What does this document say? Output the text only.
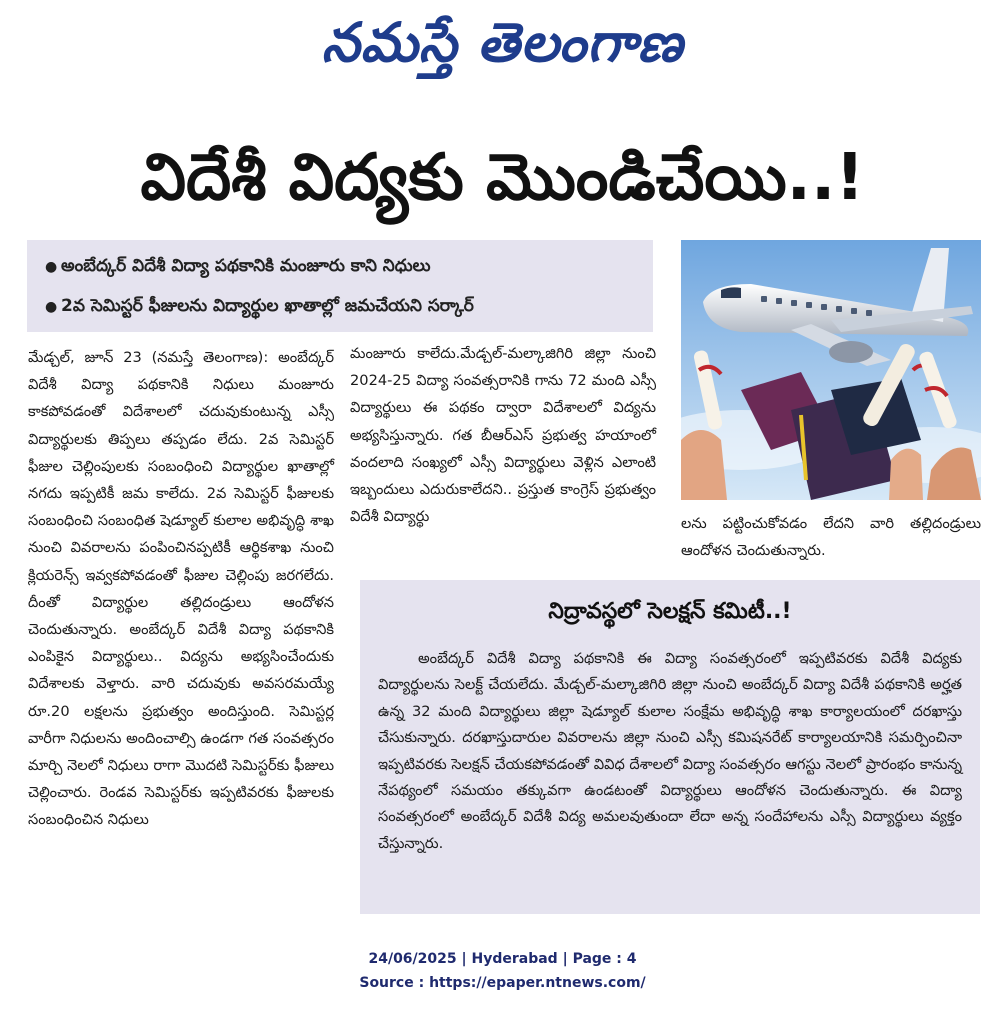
నమస్తే తెలంగాణ
విదేశీ విద్యకు మొండిచేయి..!
● అంబేద్కర్ విదేశీ విద్యా పథకానికి మంజూరు కాని నిధులు
● 2వ సెమిస్టర్ ఫీజులను విద్యార్థుల ఖాతాల్లో జమచేయని సర్కార్

మేడ్చల్, జూన్ 23 (నమస్తే తెలంగాణ): అంబేద్కర్ విదేశీ విద్యా పథకానికి నిధులు మంజూరు కాకపోవడంతో విదేశాలలో చదువుకుంటున్న ఎస్సీ విద్యార్థులకు తిప్పలు తప్పడం లేదు. 2వ సెమిస్టర్ ఫీజుల చెల్లింపులకు సంబంధించి విద్యార్థుల ఖాతాల్లో నగదు ఇప్పటికీ జమ కాలేదు. 2వ సెమిస్టర్ ఫీజులకు సంబంధించి సంబంధిత షెడ్యూల్ కులాల అభివృద్ధి శాఖ నుంచి వివరాలను పంపించినప్పటికీ ఆర్థికశాఖ నుంచి క్లియరెన్స్ ఇవ్వకపోవడంతో ఫీజుల చెల్లింపు జరగలేదు. దీంతో విద్యార్థుల తల్లిదండ్రులు ఆందోళన చెందుతున్నారు. అంబేద్కర్ విదేశీ విద్యా పథకానికి ఎంపికైన విద్యార్థులు.. విద్యను అభ్యసించేందుకు విదేశాలకు వెళ్తారు. వారి చదువుకు అవసరమయ్యే రూ.20 లక్షలను ప్రభుత్వం అందిస్తుంది. సెమిస్టర్ల వారీగా నిధులను అందించాల్సి ఉండగా గత సంవత్సరం మార్చి నెలలో నిధులు రాగా మొదటి సెమిస్టర్‌కు ఫీజులు చెల్లించారు. రెండవ సెమిస్టర్‌కు ఇప్పటివరకు ఫీజులకు సంబంధించిన నిధులు

మంజూరు కాలేదు.మేడ్చల్-మల్కాజిగిరి జిల్లా నుంచి 2024-25 విద్యా సంవత్సరానికి గాను 72 మంది ఎస్సీ విద్యార్థులు ఈ పథకం ద్వారా విదేశాలలో విద్యను అభ్యసిస్తున్నారు. గత బీఆర్ఎస్ ప్రభుత్వ హయాంలో వందలాది సంఖ్యలో ఎస్సీ విద్యార్థులు వెళ్లిన ఎలాంటి ఇబ్బందులు ఎదురుకాలేదని.. ప్రస్తుత కాంగ్రెస్ ప్రభుత్వం విదేశీ విద్యార్థు	లను పట్టించుకోవడం లేదని వారి తల్లిదండ్రులు ఆందోళన చెందుతున్నారు.

నిద్రావస్థలో సెలక్షన్ కమిటీ..!

అంబేద్కర్ విదేశీ విద్యా పథకానికి ఈ విద్యా సంవత్సరంలో ఇప్పటివరకు విదేశీ విద్యకు విద్యార్థులను సెలక్ట్ చేయలేదు. మేడ్చల్-మల్కాజిగిరి జిల్లా నుంచి అంబేద్కర్ విద్యా విదేశీ పథకానికి అర్హత ఉన్న 32 మంది విద్యార్థులు జిల్లా షెడ్యూల్ కులాల సంక్షేమ అభివృద్ధి శాఖ కార్యాలయంలో దరఖాస్తు చేసుకున్నారు. దరఖాస్తుదారుల వివరాలను జిల్లా నుంచి ఎస్సీ కమిషనరేట్ కార్యాలయానికి సమర్పించినా ఇప్పటివరకు సెలక్షన్ చేయకపోవడంతో వివిధ దేశాలలో విద్యా సంవత్సరం ఆగస్టు నెలలో ప్రారంభం కానున్న నేపథ్యంలో సమయం తక్కువగా ఉండటంతో విద్యార్థులు ఆందోళన చెందుతున్నారు. ఈ విద్యా సంవత్సరంలో అంబేద్కర్ విదేశీ విద్య అమలవుతుందా లేదా అన్న సందేహాలను ఎస్సీ విద్యార్థులు వ్యక్తం చేస్తున్నారు.

24/06/2025 | Hyderabad | Page : 4
Source : https://epaper.ntnews.com/
